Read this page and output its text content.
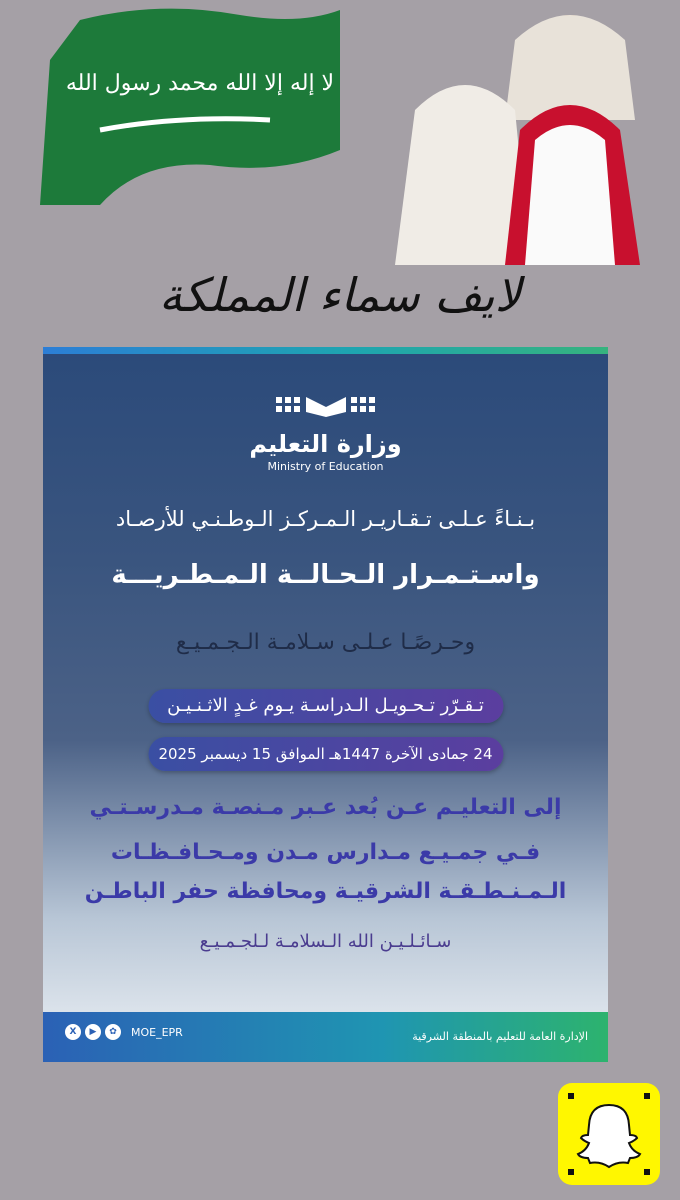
لا إله إلا الله محمد رسول الله
لايف سماء المملكة
وزارة التعليم
Ministry of Education
بـنـاءً عـلـى تـقـاريـر الـمـركـز الـوطـنـي للأرصـاد
واسـتـمـرار الـحـالــة الـمـطـريـــة
وحـرصًـا عـلـى سـلامـة الـجـمـيـع
تـقـرّر تـحـويـل الـدراسـة يـوم غـدٍ الاثـنـيـن
24 جمادى الآخرة 1447هـ الموافق 15 ديسمبر 2025
إلى التعليـم عـن بُعد عـبر مـنصـة مـدرسـتـي
فـي جمـيـع مـدارس مـدن ومـحـافـظـات
الـمـنـطـقـة الشرقيـة ومحافظة حفر الباطـن
سـائـلـيـن الله الـسلامـة لـلجـمـيـع
X	▶	✿	MOE_EPR	الإدارة العامة للتعليم بالمنطقة الشرقية
